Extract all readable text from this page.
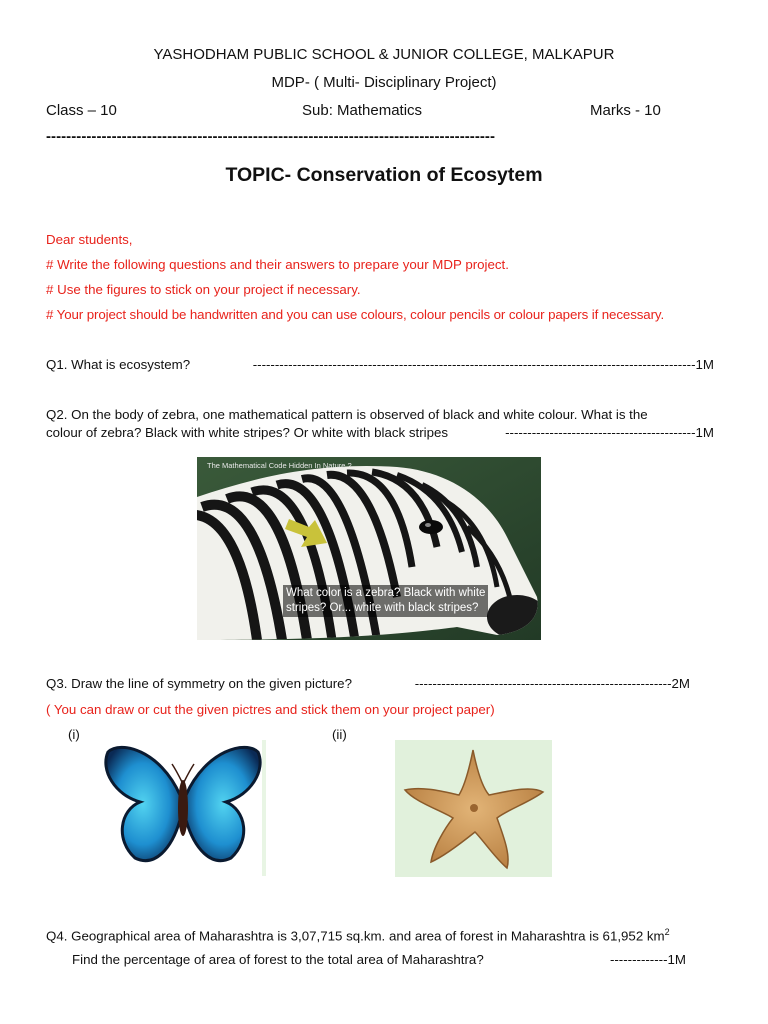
YASHODHAM PUBLIC SCHOOL & JUNIOR COLLEGE, MALKAPUR
MDP- ( Multi- Disciplinary Project)
Class – 10	Sub: Mathematics	Marks - 10
-----------------------------------------------------------------------------------------
TOPIC- Conservation of Ecosytem
Dear students,
# Write the following questions and their answers to prepare your MDP project.
# Use the figures to stick on your project if necessary.
# Your project should be handwritten and you can use colours, colour pencils or colour papers if necessary.
Q1. What is ecosystem?	----------------------------------------------------------------------------------------------------1M
Q2. On the body of zebra, one mathematical pattern is observed of black and white colour. What is the
colour of zebra? Black with white stripes? Or white with black stripes	-------------------------------------------1M
The Mathematical Code Hidden In Nature ?
What color is a zebra? Black with white
stripes? Or... white with black stripes?
Q3. Draw the line of symmetry on the given picture?	----------------------------------------------------------2M
( You can draw or cut the given pictres and stick them on your project paper)
(i)	(ii)
Q4. Geographical area of Maharashtra is 3,07,715 sq.km. and area of forest in Maharashtra is 61,952 $km^2$
Find the percentage of area of forest to the total area of Maharashtra?	-------------1M
